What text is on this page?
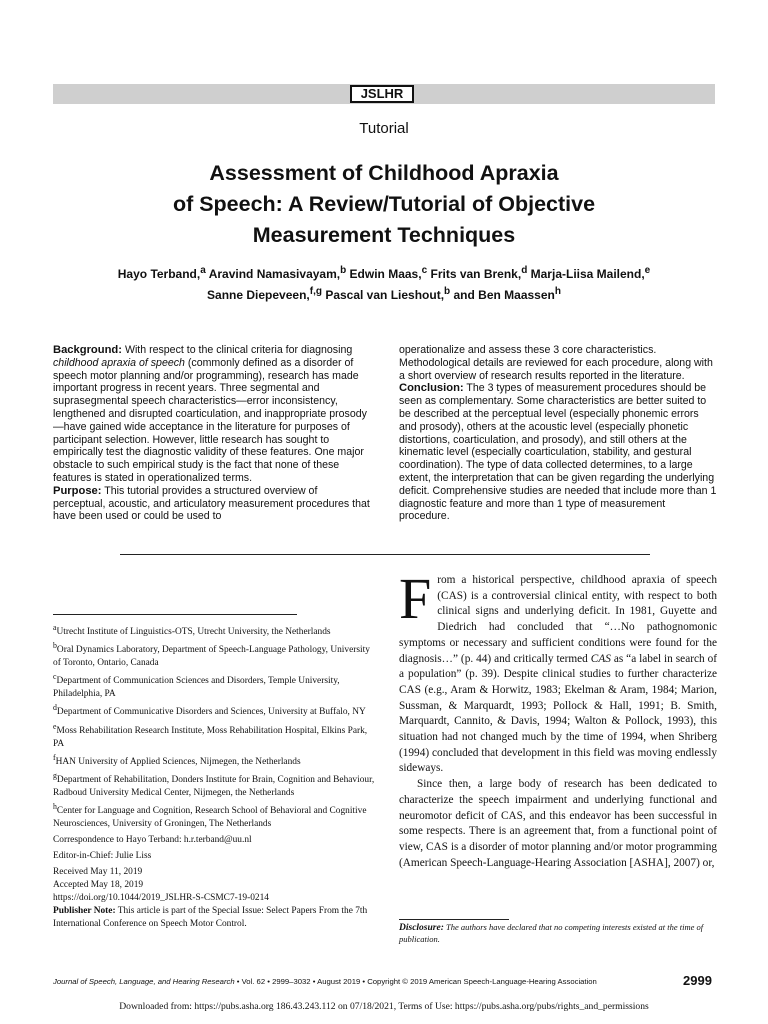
JSLHR
Tutorial
Assessment of Childhood Apraxia
of Speech: A Review/Tutorial of Objective
Measurement Techniques
Hayo Terband,$^a$ Aravind Namasivayam,$^b$ Edwin Maas,$^c$ Frits van Brenk,$^d$ Marja-Liisa Mailend,$^e$
Sanne Diepeveen,$^{f,g}$ Pascal van Lieshout,$^b$ and Ben Maassen$^h$
Background: With respect to the clinical criteria for diagnosing childhood apraxia of speech (commonly defined as a disorder of speech motor planning and/or programming), research has made important progress in recent years. Three segmental and suprasegmental speech characteristics—error inconsistency, lengthened and disrupted coarticulation, and inappropriate prosody—have gained wide acceptance in the literature for purposes of participant selection. However, little research has sought to empirically test the diagnostic validity of these features. One major obstacle to such empirical study is the fact that none of these features is stated in operationalized terms.
Purpose: This tutorial provides a structured overview of perceptual, acoustic, and articulatory measurement procedures that have been used or could be used to
operationalize and assess these 3 core characteristics. Methodological details are reviewed for each procedure, along with a short overview of research results reported in the literature.
Conclusion: The 3 types of measurement procedures should be seen as complementary. Some characteristics are better suited to be described at the perceptual level (especially phonemic errors and prosody), others at the acoustic level (especially phonetic distortions, coarticulation, and prosody), and still others at the kinematic level (especially coarticulation, stability, and gestural coordination). The type of data collected determines, to a large extent, the interpretation that can be given regarding the underlying deficit. Comprehensive studies are needed that include more than 1 diagnostic feature and more than 1 type of measurement procedure.
$^a$Utrecht Institute of Linguistics-OTS, Utrecht University, the Netherlands
$^b$Oral Dynamics Laboratory, Department of Speech-Language Pathology, University of Toronto, Ontario, Canada
$^c$Department of Communication Sciences and Disorders, Temple University, Philadelphia, PA
$^d$Department of Communicative Disorders and Sciences, University at Buffalo, NY
$^e$Moss Rehabilitation Research Institute, Moss Rehabilitation Hospital, Elkins Park, PA
$^f$HAN University of Applied Sciences, Nijmegen, the Netherlands
$^g$Department of Rehabilitation, Donders Institute for Brain, Cognition and Behaviour, Radboud University Medical Center, Nijmegen, the Netherlands
$^h$Center for Language and Cognition, Research School of Behavioral and Cognitive Neurosciences, University of Groningen, The Netherlands
Correspondence to Hayo Terband: h.r.terband@uu.nl
Editor-in-Chief: Julie Liss
Received May 11, 2019
Accepted May 18, 2019
https://doi.org/10.1044/2019_JSLHR-S-CSMC7-19-0214
Publisher Note: This article is part of the Special Issue: Select Papers From the 7th International Conference on Speech Motor Control.

From a historical perspective, childhood apraxia of speech (CAS) is a controversial clinical entity, with respect to both clinical signs and underlying deficit. In 1981, Guyette and Diedrich had concluded that “…No pathognomonic symptoms or necessary and sufficient conditions were found for the diagnosis…” (p. 44) and critically termed CAS as “a label in search of a population” (p. 39). Despite clinical studies to further characterize CAS (e.g., Aram & Horwitz, 1983; Ekelman & Aram, 1984; Marion, Sussman, & Marquardt, 1993; Pollock & Hall, 1991; B. Smith, Marquardt, Cannito, & Davis, 1994; Walton & Pollock, 1993), this situation had not changed much by the time of 1994, when Shriberg (1994) concluded that development in this field was moving endlessly sideways.

Since then, a large body of research has been dedicated to characterize the speech impairment and underlying functional and neuromotor deficit of CAS, and this endeavor has been successful in some respects. There is an agreement that, from a functional point of view, CAS is a disorder of motor planning and/or motor programming (American Speech-Language-Hearing Association [ASHA], 2007) or,

Disclosure: The authors have declared that no competing interests existed at the time of publication.
Journal of Speech, Language, and Hearing Research • Vol. 62 • 2999–3032 • August 2019 • Copyright © 2019 American Speech-Language-Hearing Association	2999
Downloaded from: https://pubs.asha.org 186.43.243.112 on 07/18/2021, Terms of Use: https://pubs.asha.org/pubs/rights_and_permissions
